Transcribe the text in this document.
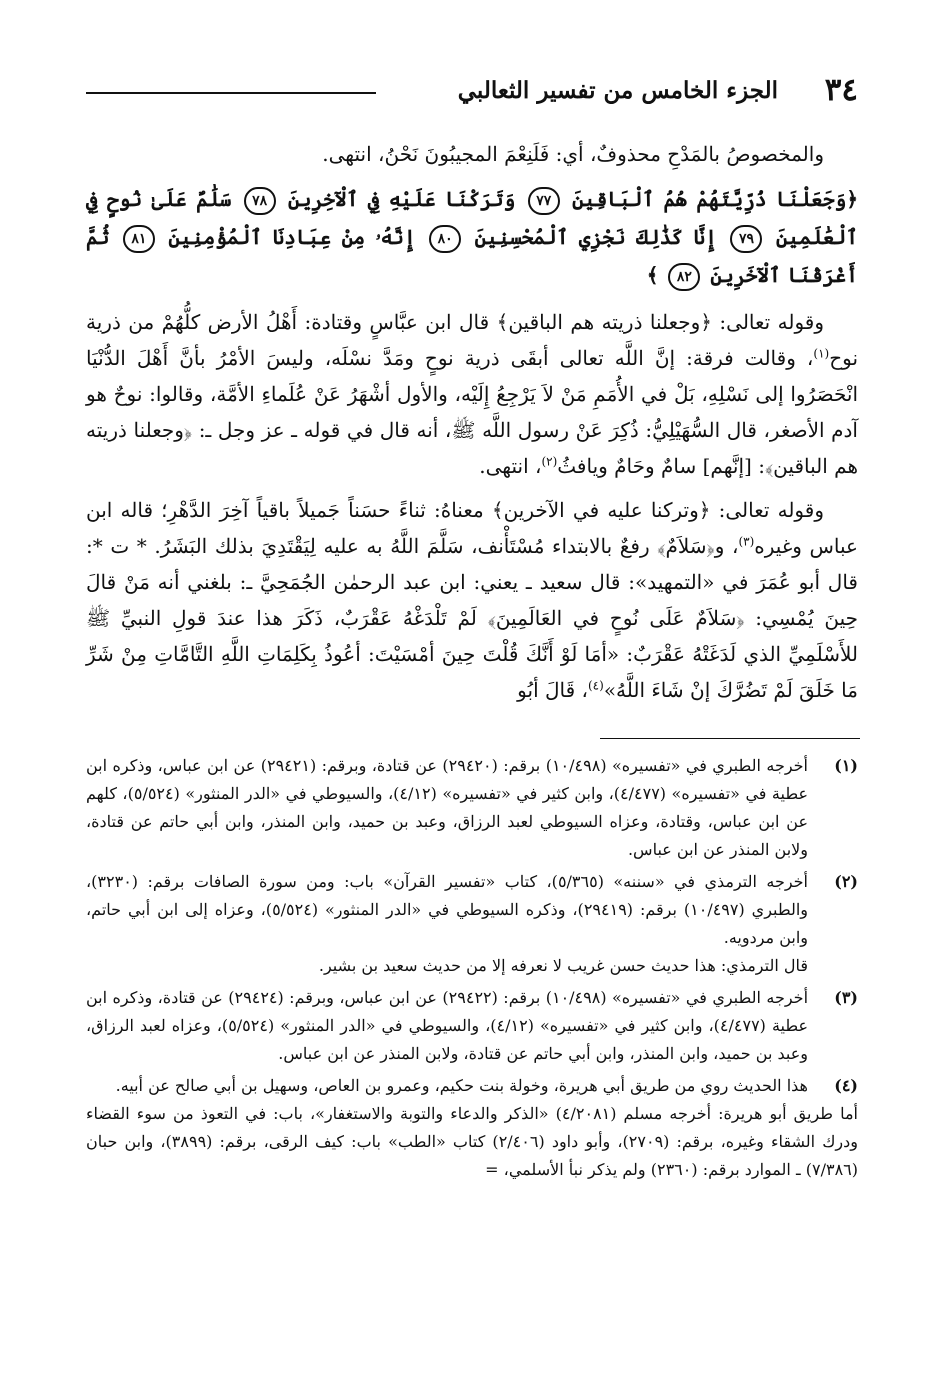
٣٤
الجزء الخامس من تفسير الثعالبي

والمخصوصُ بالمَدْحِ محذوفٌ، أي: فَلَنِعْمَ المجيبُونَ نَحْنُ، انتهى.

﴿وَجَعَلْنَا ذُرِّيَّتَهُمْ هُمُ ٱلْبَاقِينَ ٧٧ وَتَرَكْنَا عَلَيْهِ فِي ٱلْآخِرِينَ ٧٨ سَلَٰمٌ عَلَىٰ نُوحٍ فِي ٱلْعَٰلَمِينَ ٧٩ إِنَّا كَذَٰلِكَ نَجْزِي ٱلْمُحْسِنِينَ ٨٠ إِنَّهُۥ مِنْ عِبَادِنَا ٱلْمُؤْمِنِينَ ٨١ ثُمَّ أَغْرَقْنَا ٱلْآخَرِينَ ٨٢ ﴾

وقوله تعالى: ﴿وجعلنا ذريته هم الباقين﴾ قال ابن عبَّاسٍ وقتادة: أَهْلُ الأرض كلُّهُمْ من ذرية نوح$^{(١)}$، وقالت فرقة: إنَّ اللَّه تعالى أبقَى ذرية نوحٍ ومَدَّ نسْلَه، وليسَ الأمْرُ بأنَّ أَهْلَ الدُّنْيَا انْحَصَرُوا إلى نَسْلِهِ، بَلْ في الأُمَمِ مَنْ لاَ يَرْجِعُ إِلَيْه، والأول أشْهَرُ عَنْ عُلَماءِ الأمَّة، وقالوا: نوحٌ هو آدم الأصغر، قال السُّهَيْلِيُّ: ذُكِرَ عَنْ رسول اللَّه ﷺ، أنه قال في قوله ـ عز وجل ـ: ﴿وجعلنا ذريته هم الباقين﴾: [إنَّهم] سامٌ وحَامٌ ويافثُ$^{(٢)}$، انتهى.

وقوله تعالى: ﴿وتركنا عليه في الآخرين﴾ معناهُ: ثناءً حسَناً جَميلاً باقياً آخِرَ الدَّهْرِ؛ قاله ابن عباس وغيره$^{(٣)}$، و﴿سَلاَمٌ﴾ رفعٌ بالابتداء مُسْتَأْنف، سَلَّمَ اللَّهُ به عليه لِيَقْتَدِيَ بذلك البَشَرُ. * ت *: قال أبو عُمَرَ في «التمهيد»: قال سعيد ـ يعني: ابن عبد الرحمٰن الجُمَحِيَّ ـ: بلغني أنه مَنْ قالَ حِينَ يُمْسِي: ﴿سَلاَمٌ عَلَى نُوحٍ في العَالَمِينَ﴾ لَمْ تَلْدَغْهُ عَقْرَبٌ، ذَكَرَ هذا عندَ قولِ النبيِّ ﷺ للأَسْلَمِيِّ الذي لَدَغَتْهُ عَقْرَبٌ: «أمَا لَوْ أَنَّكَ قُلْتَ حِينَ أمْسَيْتَ: أعُوذُ بِكَلِمَاتِ اللَّهِ التَّامَّاتِ مِنْ شَرِّ مَا خَلَقَ لَمْ تَضُرَّكَ إنْ شَاءَ اللَّهُ»$^{(٤)}$، قَالَ أبُو

(١)

أخرجه الطبري في «تفسيره» (١٠/٤٩٨) برقم: (٢٩٤٢٠) عن قتادة، وبرقم: (٢٩٤٢١) عن ابن عباس، وذكره ابن عطية في «تفسيره» (٤/٤٧٧)، وابن كثير في «تفسيره» (٤/١٢)، والسيوطي في «الدر المنثور» (٥/٥٢٤)، كلهم عن ابن عباس، وقتادة، وعزاه السيوطي لعبد الرزاق، وعبد بن حميد، وابن المنذر، وابن أبي حاتم عن قتادة، ولابن المنذر عن ابن عباس.

(٢)

أخرجه الترمذي في «سننه» (٥/٣٦٥)، كتاب «تفسير القرآن» باب: ومن سورة الصافات برقم: (٣٢٣٠)، والطبري (١٠/٤٩٧) برقم: (٢٩٤١٩)، وذكره السيوطي في «الدر المنثور» (٥/٥٢٤)، وعزاه إلى ابن أبي حاتم، وابن مردويه.

قال الترمذي: هذا حديث حسن غريب لا نعرفه إلا من حديث سعيد بن بشير.

(٣)

أخرجه الطبري في «تفسيره» (١٠/٤٩٨) برقم: (٢٩٤٢٢) عن ابن عباس، وبرقم: (٢٩٤٢٤) عن قتادة، وذكره ابن عطية (٤/٤٧٧)، وابن كثير في «تفسيره» (٤/١٢)، والسيوطي في «الدر المنثور» (٥/٥٢٤)، وعزاه لعبد الرزاق، وعبد بن حميد، وابن المنذر، وابن أبي حاتم عن قتادة، ولابن المنذر عن ابن عباس.

(٤)

هذا الحديث روي من طريق أبي هريرة، وخولة بنت حكيم، وعمرو بن العاص، وسهيل بن أبي صالح عن أبيه.

أما طريق أبو هريرة: أخرجه مسلم (٤/٢٠٨١) «الذكر والدعاء والتوبة والاستغفار»، باب: في التعوذ من سوء القضاء ودرك الشقاء وغيره، برقم: (٢٧٠٩)، وأبو داود (٢/٤٠٦) كتاب «الطب» باب: كيف الرقى، برقم: (٣٨٩٩)، وابن حبان (٧/٣٨٦) ـ الموارد برقم: (٢٣٦٠) ولم يذكر نبأ الأسلمي، =
